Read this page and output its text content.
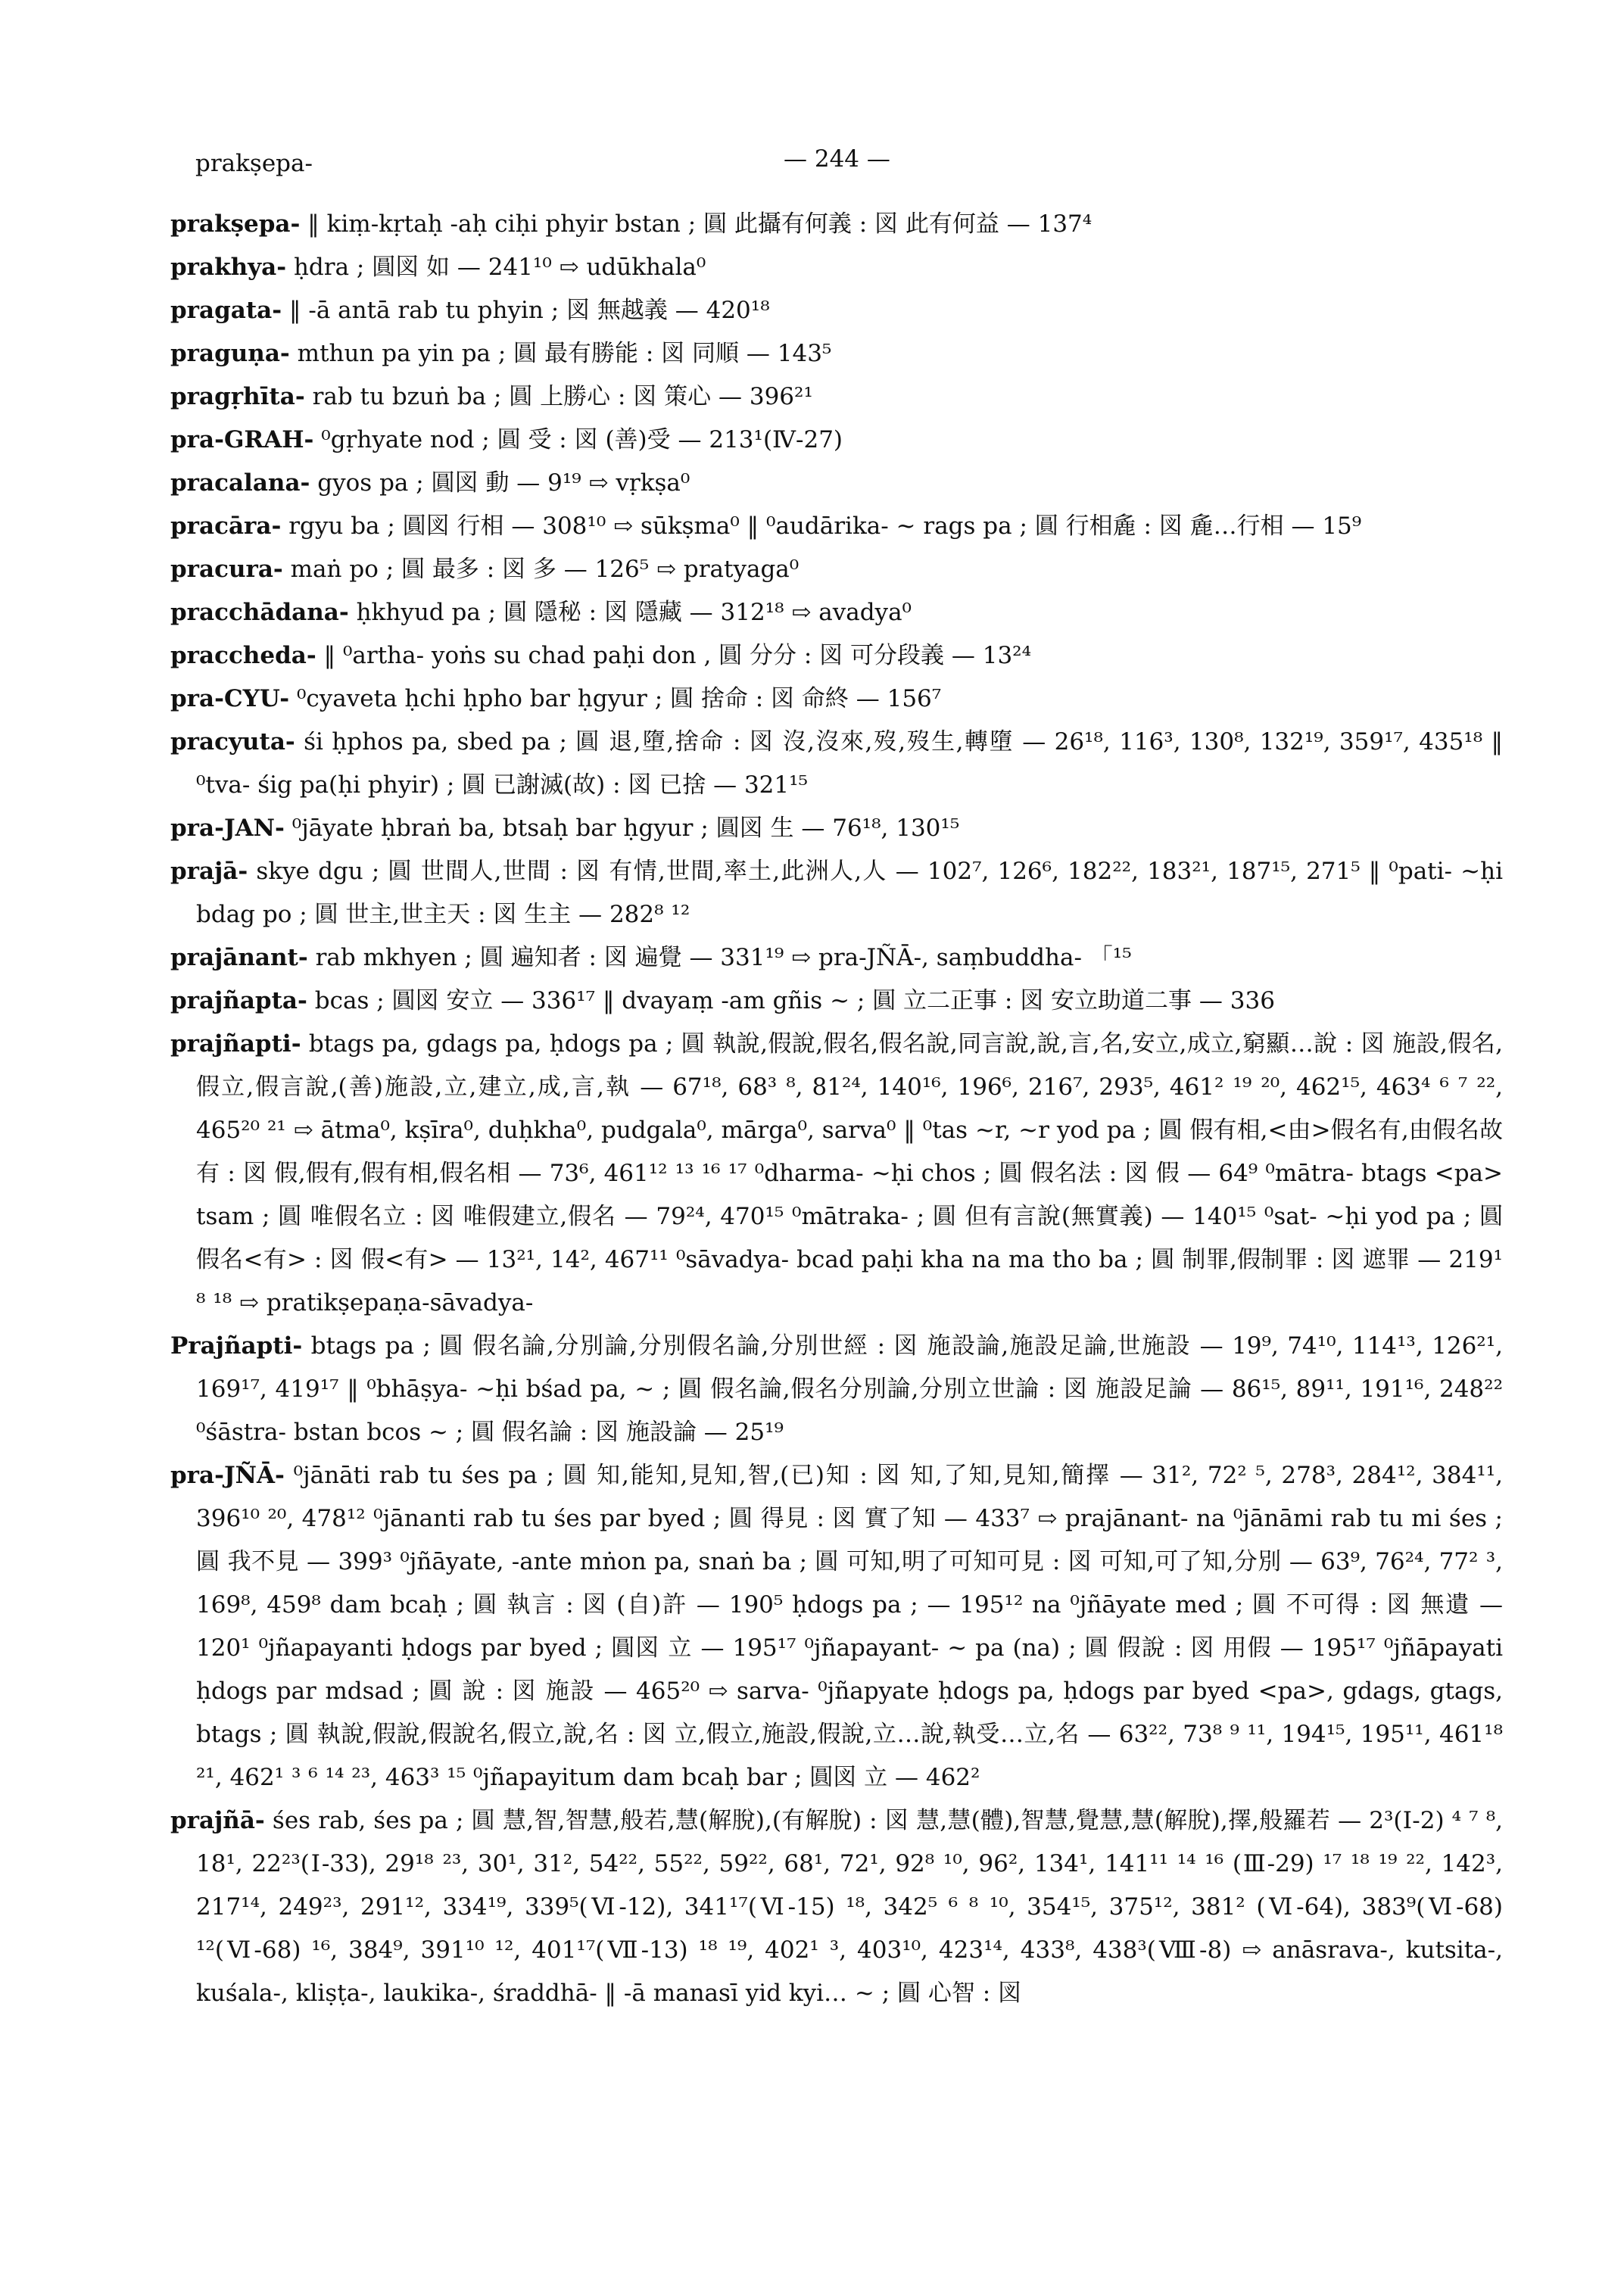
prakṣepa-	— 244 —
prakṣepa- ‖ kiṃ-kṛtaḥ -aḥ ciḥi phyir bstan ; 圓 此攝有何義 : 図 此有何益 — 137⁴
prakhya- ḥdra ; 圓図 如 — 241¹⁰ ⇨ udūkhala⁰
pragata- ‖ -ā antā rab tu phyin ; 図 無越義 — 420¹⁸
praguṇa- mthun pa yin pa ; 圓 最有勝能 : 図 同順 — 143⁵
pragṛhīta- rab tu bzuṅ ba ; 圓 上勝心 : 図 策心 — 396²¹
pra-GRAH- ⁰gṛhyate nod ; 圓 受 : 図 (善)受 — 213¹(Ⅳ-27)
pracalana- gyos pa ; 圓図 動 — 9¹⁹ ⇨ vṛkṣa⁰
pracāra- rgyu ba ; 圓図 行相 — 308¹⁰ ⇨ sūkṣma⁰ ‖ ⁰audārika- ~ rags pa ; 圓 行相麁 : 図 麁…行相 — 15⁹
pracura- maṅ po ; 圓 最多 : 図 多 — 126⁵ ⇨ pratyaga⁰
pracchādana- ḥkhyud pa ; 圓 隱秘 : 図 隱藏 — 312¹⁸ ⇨ avadya⁰
praccheda- ‖ ⁰artha- yoṅs su chad paḥi don , 圓 分分 : 図 可分段義 — 13²⁴
pra-CYU- ⁰cyaveta ḥchi ḥpho bar ḥgyur ; 圓 捨命 : 図 命終 — 156⁷
pracyuta- śi ḥphos pa, sbed pa ; 圓 退,墮,捨命 : 図 沒,沒來,歿,歿生,轉墮 — 26¹⁸, 116³, 130⁸, 132¹⁹, 359¹⁷, 435¹⁸ ‖ ⁰tva- śig pa(ḥi phyir) ; 圓 已謝滅(故) : 図 已捨 — 321¹⁵
pra-JAN- ⁰jāyate ḥbraṅ ba, btsaḥ bar ḥgyur ; 圓図 生 — 76¹⁸, 130¹⁵
prajā- skye dgu ; 圓 世間人,世間 : 図 有情,世間,率土,此洲人,人 — 102⁷, 126⁶, 182²², 183²¹, 187¹⁵, 271⁵ ‖ ⁰pati- ~ḥi bdag po ; 圓 世主,世主天 : 図 生主 — 282⁸ ¹²
prajānant- rab mkhyen ; 圓 遍知者 : 図 遍覺 — 331¹⁹ ⇨ pra-JÑĀ-, saṃbuddha- 「¹⁵
prajñapta- bcas ; 圓図 安立 — 336¹⁷ ‖ dvayaṃ -am gñis ~ ; 圓 立二正事 : 図 安立助道二事 — 336
prajñapti- btags pa, gdags pa, ḥdogs pa ; 圓 執說,假說,假名,假名說,同言說,說,言,名,安立,成立,窮顯…說 : 図 施設,假名,假立,假言說,(善)施設,立,建立,成,言,執 — 67¹⁸, 68³ ⁸, 81²⁴, 140¹⁶, 196⁶, 216⁷, 293⁵, 461² ¹⁹ ²⁰, 462¹⁵, 463⁴ ⁶ ⁷ ²², 465²⁰ ²¹ ⇨ ātma⁰, kṣīra⁰, duḥkha⁰, pudgala⁰, mārga⁰, sarva⁰ ‖ ⁰tas ~r, ~r yod pa ; 圓 假有相,<由>假名有,由假名故有 : 図 假,假有,假有相,假名相 — 73⁶, 461¹² ¹³ ¹⁶ ¹⁷ ⁰dharma- ~ḥi chos ; 圓 假名法 : 図 假 — 64⁹ ⁰mātra- btags <pa> tsam ; 圓 唯假名立 : 図 唯假建立,假名 — 79²⁴, 470¹⁵ ⁰mātraka- ; 圓 但有言說(無實義) — 140¹⁵ ⁰sat- ~ḥi yod pa ; 圓 假名<有> : 図 假<有> — 13²¹, 14², 467¹¹ ⁰sāvadya- bcad paḥi kha na ma tho ba ; 圓 制罪,假制罪 : 図 遮罪 — 219¹ ⁸ ¹⁸ ⇨ pratikṣepaṇa-sāvadya-
Prajñapti- btags pa ; 圓 假名論,分別論,分別假名論,分別世經 : 図 施設論,施設足論,世施設 — 19⁹, 74¹⁰, 114¹³, 126²¹, 169¹⁷, 419¹⁷ ‖ ⁰bhāṣya- ~ḥi bśad pa, ~ ; 圓 假名論,假名分別論,分別立世論 : 図 施設足論 — 86¹⁵, 89¹¹, 191¹⁶, 248²² ⁰śāstra- bstan bcos ~ ; 圓 假名論 : 図 施設論 — 25¹⁹
pra-JÑĀ- ⁰jānāti rab tu śes pa ; 圓 知,能知,見知,智,(已)知 : 図 知,了知,見知,簡擇 — 31², 72² ⁵, 278³, 284¹², 384¹¹, 396¹⁰ ²⁰, 478¹² ⁰jānanti rab tu śes par byed ; 圓 得見 : 図 實了知 — 433⁷ ⇨ prajānant- na ⁰jānāmi rab tu mi śes ; 圓 我不見 — 399³ ⁰jñāyate, -ante mṅon pa, snaṅ ba ; 圓 可知,明了可知可見 : 図 可知,可了知,分別 — 63⁹, 76²⁴, 77² ³, 169⁸, 459⁸ dam bcaḥ ; 圓 執言 : 図 (自)許 — 190⁵ ḥdogs pa ; — 195¹² na ⁰jñāyate med ; 圓 不可得 : 図 無遺 — 120¹ ⁰jñapayanti ḥdogs par byed ; 圓図 立 — 195¹⁷ ⁰jñapayant- ~ pa (na) ; 圓 假說 : 図 用假 — 195¹⁷ ⁰jñāpayati ḥdogs par mdsad ; 圓 說 : 図 施設 — 465²⁰ ⇨ sarva- ⁰jñapyate ḥdogs pa, ḥdogs par byed <pa>, gdags, gtags, btags ; 圓 執說,假說,假說名,假立,說,名 : 図 立,假立,施設,假說,立…說,執受…立,名 — 63²², 73⁸ ⁹ ¹¹, 194¹⁵, 195¹¹, 461¹⁸ ²¹, 462¹ ³ ⁶ ¹⁴ ²³, 463³ ¹⁵ ⁰jñapayitum dam bcaḥ bar ; 圓図 立 — 462²
prajñā- śes rab, śes pa ; 圓 慧,智,智慧,般若,慧(解脫),(有解脫) : 図 慧,慧(體),智慧,覺慧,慧(解脫),擇,般羅若 — 2³(Ⅰ-2) ⁴ ⁷ ⁸, 18¹, 22²³(Ⅰ-33), 29¹⁸ ²³, 30¹, 31², 54²², 55²², 59²², 68¹, 72¹, 92⁸ ¹⁰, 96², 134¹, 141¹¹ ¹⁴ ¹⁶ (Ⅲ-29) ¹⁷ ¹⁸ ¹⁹ ²², 142³, 217¹⁴, 249²³, 291¹², 334¹⁹, 339⁵(Ⅵ-12), 341¹⁷(Ⅵ-15) ¹⁸, 342⁵ ⁶ ⁸ ¹⁰, 354¹⁵, 375¹², 381² (Ⅵ-64), 383⁹(Ⅵ-68) ¹²(Ⅵ-68) ¹⁶, 384⁹, 391¹⁰ ¹², 401¹⁷(Ⅶ-13) ¹⁸ ¹⁹, 402¹ ³, 403¹⁰, 423¹⁴, 433⁸, 438³(Ⅷ-8) ⇨ anāsrava-, kutsita-, kuśala-, kliṣṭa-, laukika-, śraddhā- ‖ -ā manasī yid kyi… ~ ; 圓 心智 : 図
